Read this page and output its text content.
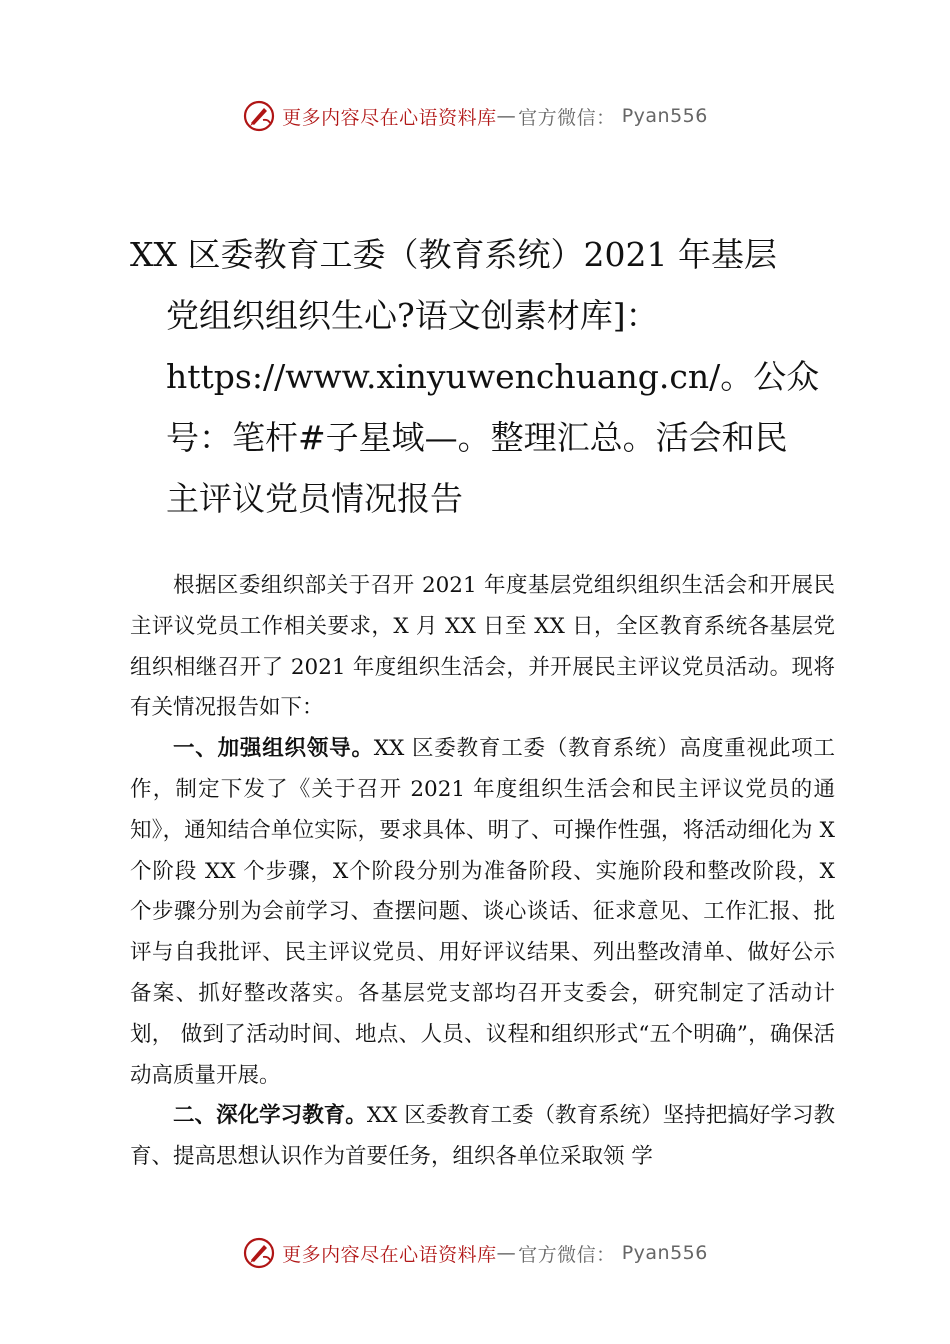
更多内容尽在心语资料库 — 官方微信： Pyan556
XX 区委教育工委（教育系统）2021 年基层
党组织组织生心?语文创素材库]：
https://www.xinyuwenchuang.cn/。公众
号：笔杆#子星域—。整理汇总。活会和民
主评议党员情况报告

根据区委组织部关于召开 2021 年度基层党组织组织生活会和开展民主评议党员工作相关要求，X 月 XX 日至 XX 日，全区教育系统各基层党组织相继召开了 2021 年度组织生活会，并开展民主评议党员活动。现将有关情况报告如下：

一、加强组织领导。XX 区委教育工委（教育系统）高度重视此项工作，制定下发了《关于召开 2021 年度组织生活会和民主评议党员的通知》，通知结合单位实际，要求具体、明了、可操作性强，将活动细化为 X 个阶段 XX 个步骤，X个阶段分别为准备阶段、实施阶段和整改阶段，X 个步骤分别为会前学习、查摆问题、谈心谈话、征求意见、工作汇报、批评与自我批评、民主评议党员、用好评议结果、列出整改清单、做好公示备案、抓好整改落实。各基层党支部均召开支委会，研究制定了活动计划， 做到了活动时间、地点、人员、议程和组织形式“五个明确”，确保活动高质量开展。

二、深化学习教育。XX 区委教育工委（教育系统）坚持把搞好学习教育、提高思想认识作为首要任务，组织各单位采取领 学

更多内容尽在心语资料库 — 官方微信： Pyan556
